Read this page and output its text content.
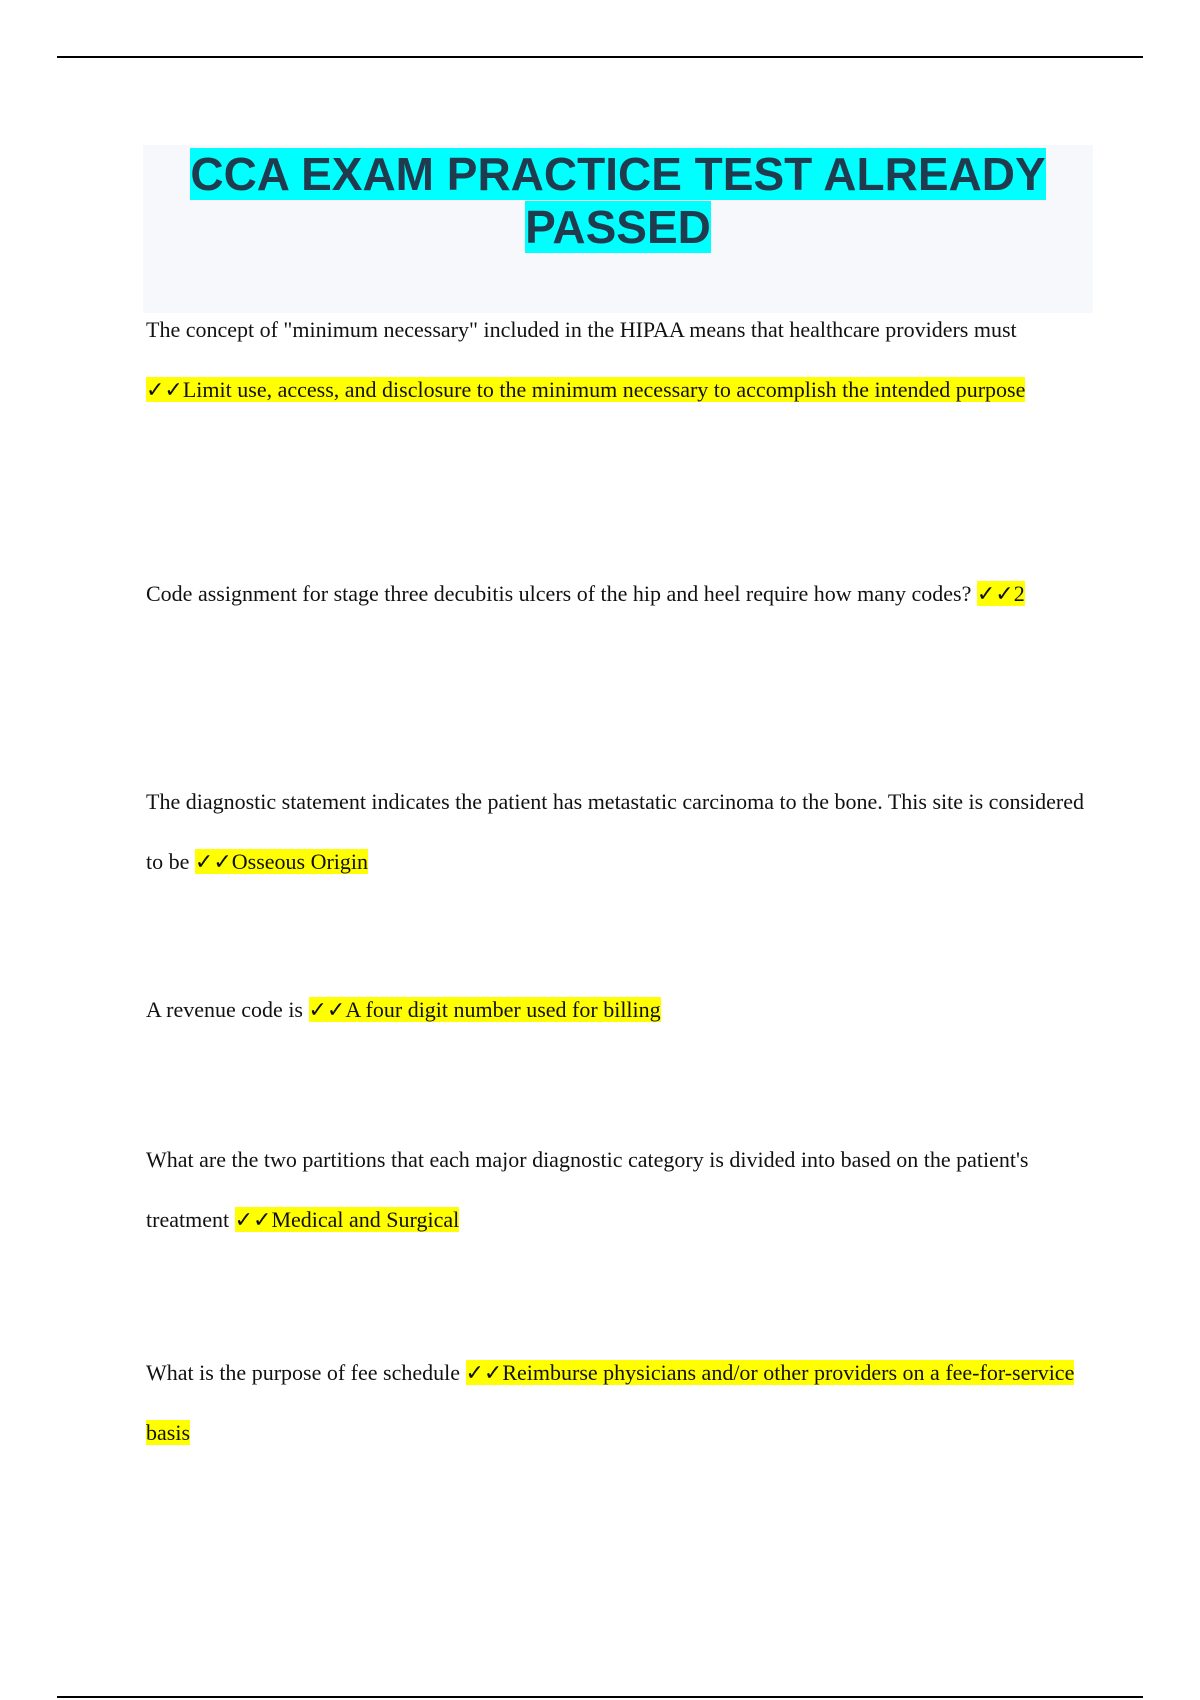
CCA EXAM PRACTICE TEST ALREADY PASSED

The concept of "minimum necessary" included in the HIPAA means that healthcare providers must ✓✓Limit use, access, and disclosure to the minimum necessary to accomplish the intended purpose

Code assignment for stage three decubitis ulcers of the hip and heel require how many codes? ✓✓2

The diagnostic statement indicates the patient has metastatic carcinoma to the bone. This site is considered to be ✓✓Osseous Origin

A revenue code is ✓✓A four digit number used for billing

What are the two partitions that each major diagnostic category is divided into based on the patient's treatment ✓✓Medical and Surgical

What is the purpose of fee schedule ✓✓Reimburse physicians and/or other providers on a fee-for-service basis
